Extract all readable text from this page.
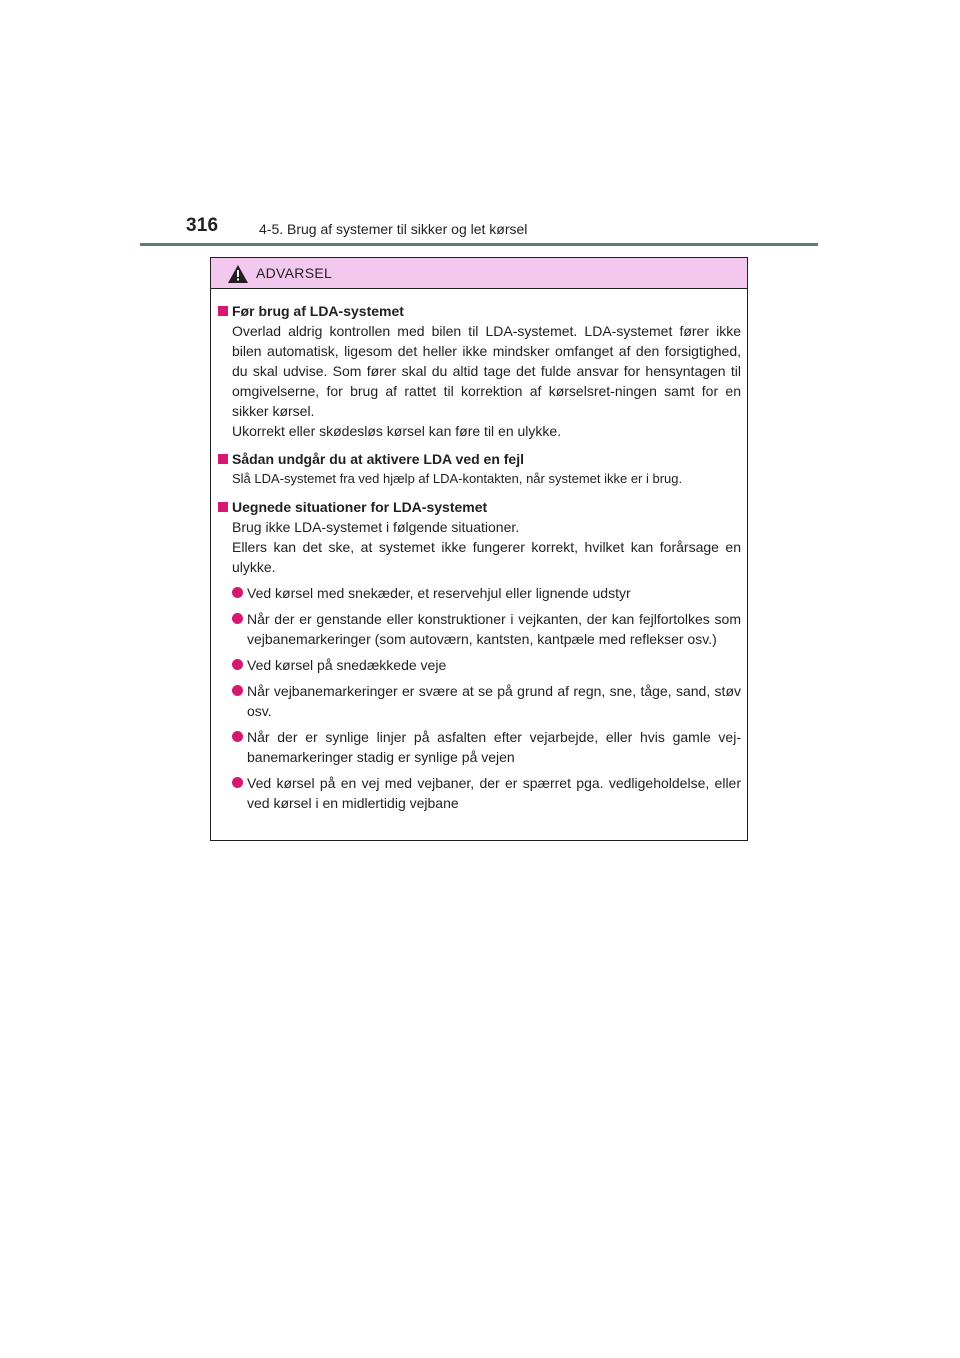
316	4-5. Brug af systemer til sikker og let kørsel
ADVARSEL
Før brug af LDA-systemet
Overlad aldrig kontrollen med bilen til LDA-systemet. LDA-systemet fører ikke bilen automatisk, ligesom det heller ikke mindsker omfanget af den forsigtighed, du skal udvise. Som fører skal du altid tage det fulde ansvar for hensyntagen til omgivelserne, for brug af rattet til korrektion af kørselsret-ningen samt for en sikker kørsel.
Ukorrekt eller skødesløs kørsel kan føre til en ulykke.
Sådan undgår du at aktivere LDA ved en fejl
Slå LDA-systemet fra ved hjælp af LDA-kontakten, når systemet ikke er i brug.
Uegnede situationer for LDA-systemet
Brug ikke LDA-systemet i følgende situationer.
Ellers kan det ske, at systemet ikke fungerer korrekt, hvilket kan forårsage en ulykke.
Ved kørsel med snekæder, et reservehjul eller lignende udstyr
Når der er genstande eller konstruktioner i vejkanten, der kan fejlfortolkes som vejbanemarkeringer (som autoværn, kantsten, kantpæle med reflekser osv.)
Ved kørsel på snedækkede veje
Når vejbanemarkeringer er svære at se på grund af regn, sne, tåge, sand, støv osv.
Når der er synlige linjer på asfalten efter vejarbejde, eller hvis gamle vej-banemarkeringer stadig er synlige på vejen
Ved kørsel på en vej med vejbaner, der er spærret pga. vedligeholdelse, eller ved kørsel i en midlertidig vejbane
